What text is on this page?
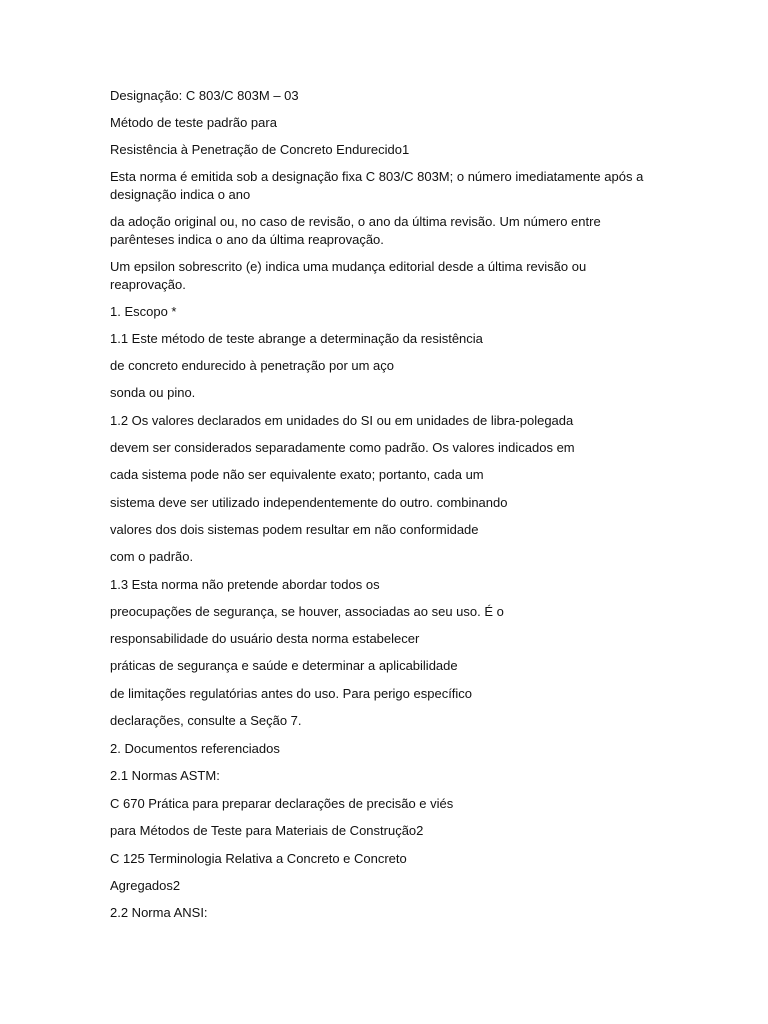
Designação: C 803/C 803M – 03

Método de teste padrão para

Resistência à Penetração de Concreto Endurecido1

Esta norma é emitida sob a designação fixa C 803/C 803M; o número imediatamente após a designação indica o ano

da adoção original ou, no caso de revisão, o ano da última revisão. Um número entre parênteses indica o ano da última reaprovação.

Um epsilon sobrescrito (e) indica uma mudança editorial desde a última revisão ou reaprovação.

1. Escopo *

1.1 Este método de teste abrange a determinação da resistência

de concreto endurecido à penetração por um aço

sonda ou pino.

1.2 Os valores declarados em unidades do SI ou em unidades de libra-polegada

devem ser considerados separadamente como padrão. Os valores indicados em

cada sistema pode não ser equivalente exato; portanto, cada um

sistema deve ser utilizado independentemente do outro. combinando

valores dos dois sistemas podem resultar em não conformidade

com o padrão.

1.3 Esta norma não pretende abordar todos os

preocupações de segurança, se houver, associadas ao seu uso. É o

responsabilidade do usuário desta norma estabelecer

práticas de segurança e saúde e determinar a aplicabilidade

de limitações regulatórias antes do uso. Para perigo específico

declarações, consulte a Seção 7.

2. Documentos referenciados

2.1 Normas ASTM:

C 670 Prática para preparar declarações de precisão e viés

para Métodos de Teste para Materiais de Construção2

C 125 Terminologia Relativa a Concreto e Concreto

Agregados2

2.2 Norma ANSI:
